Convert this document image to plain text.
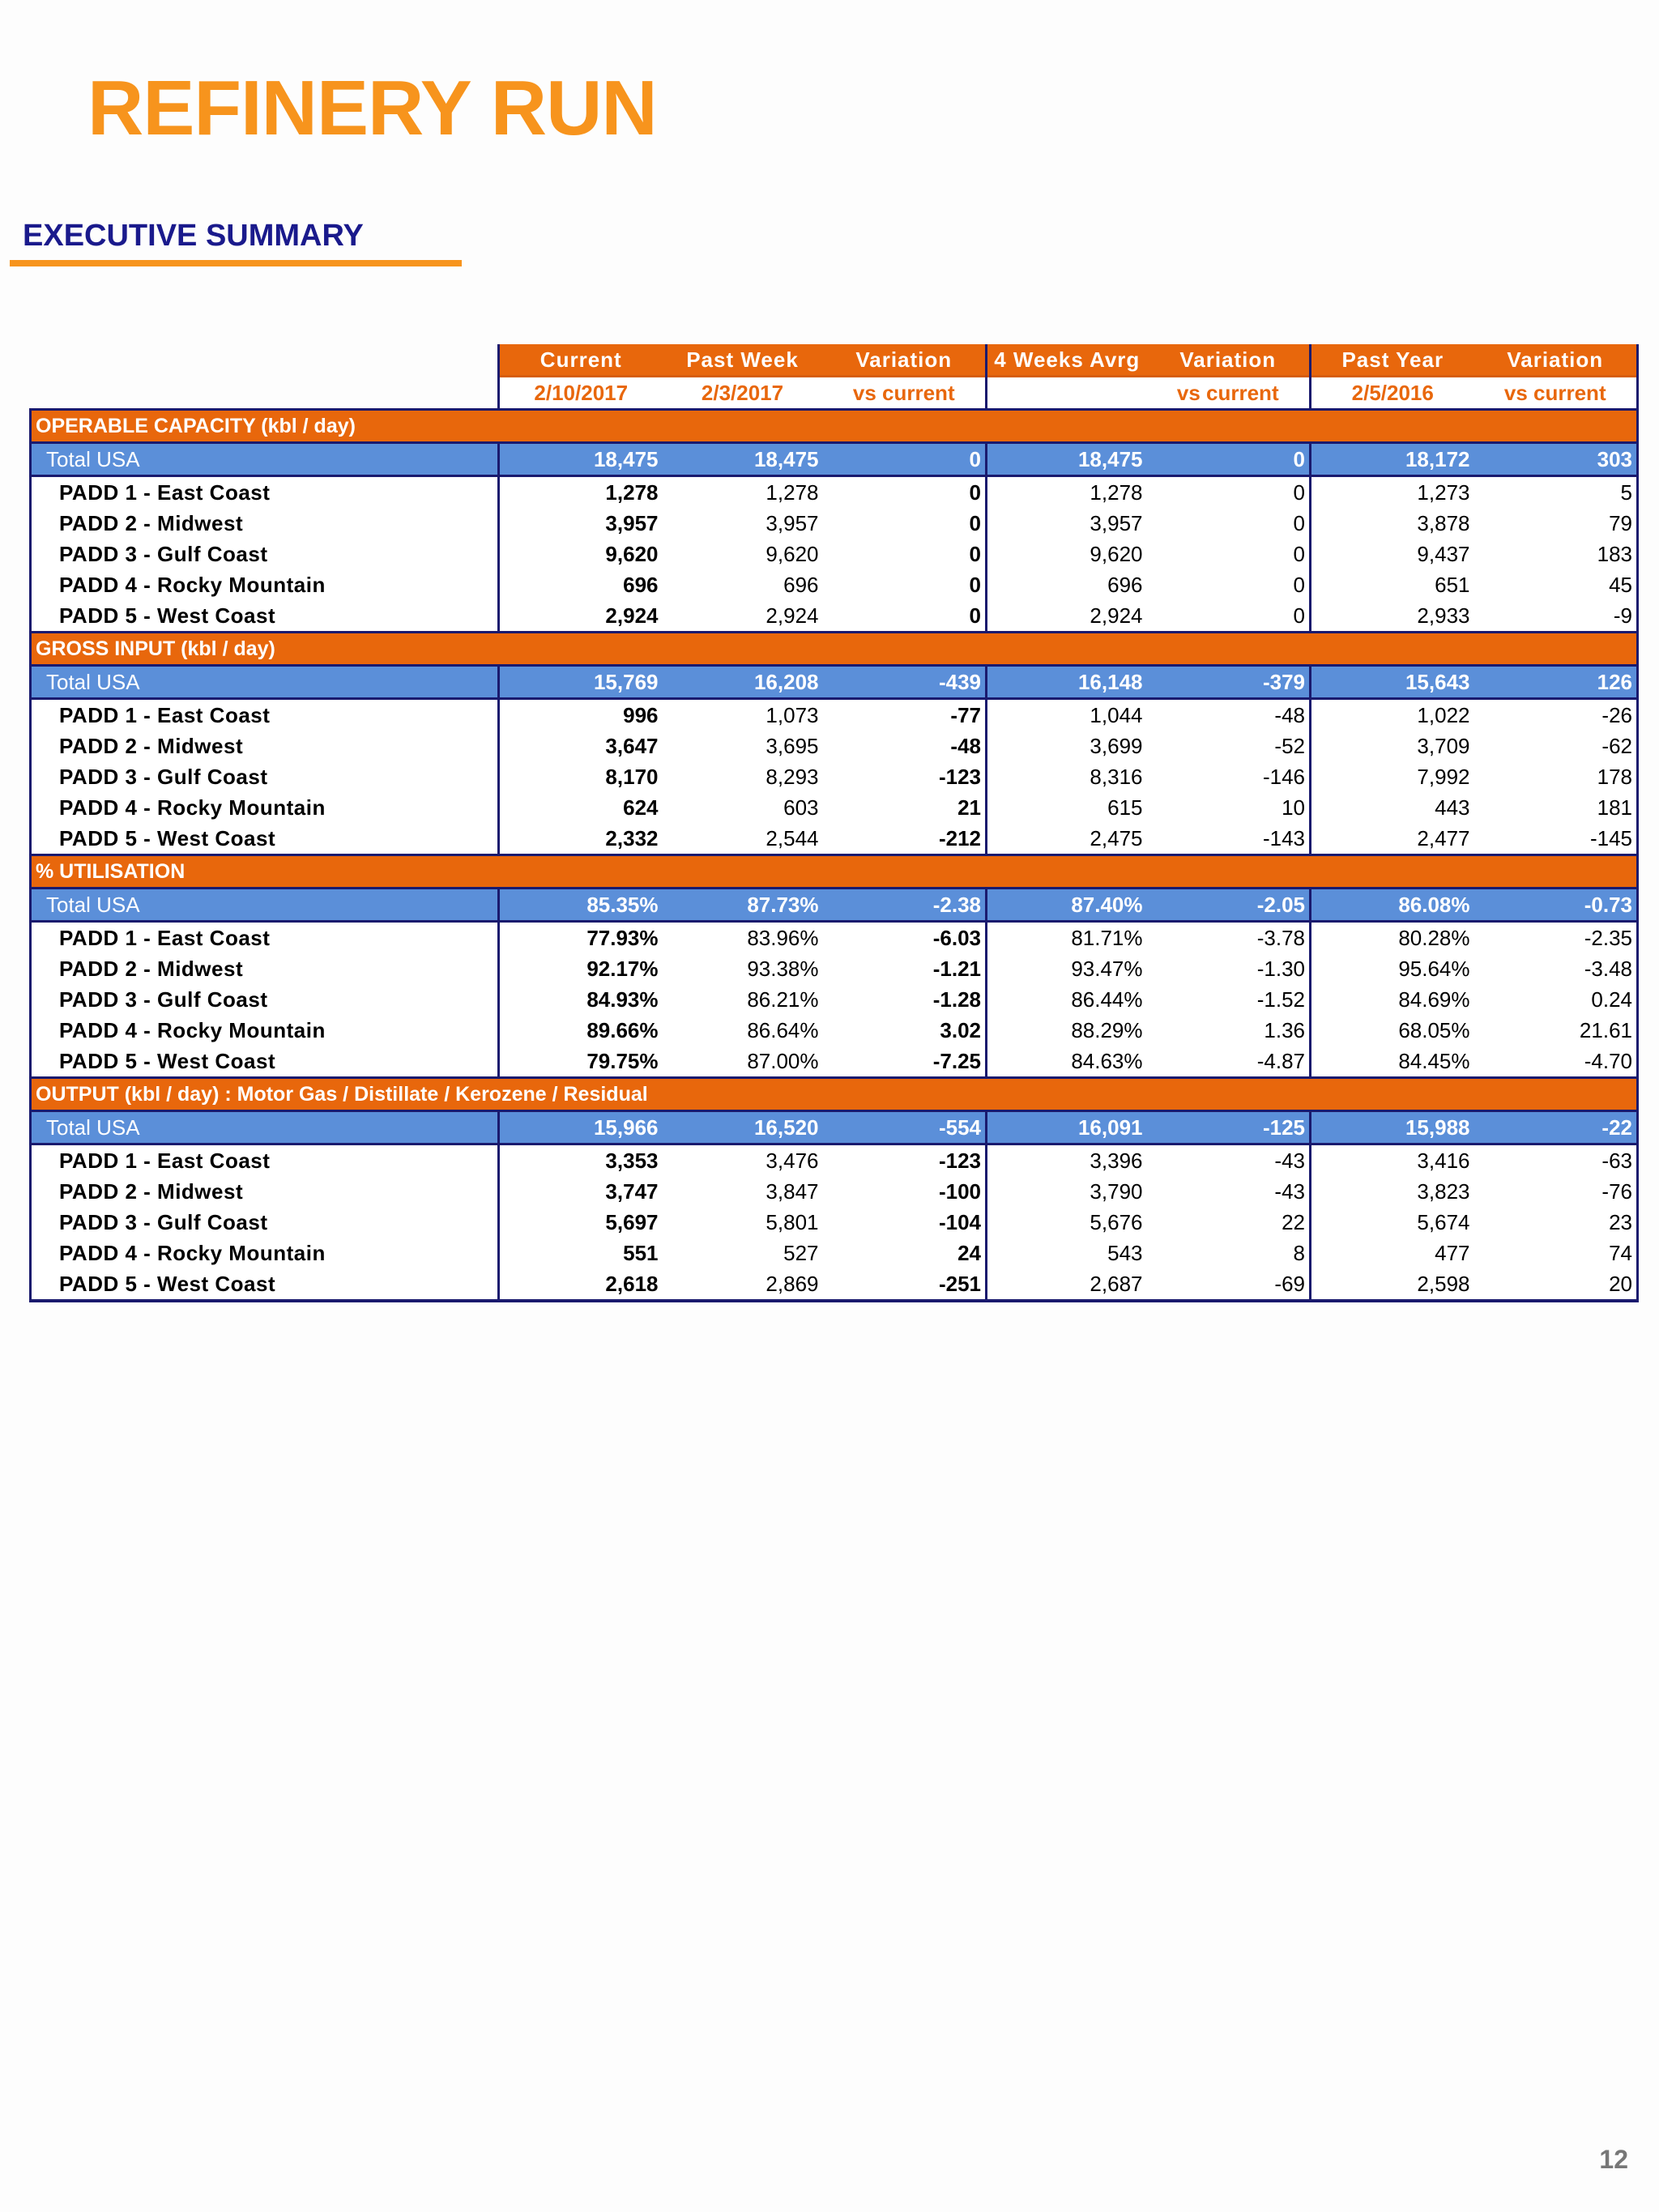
REFINERY RUN
EXECUTIVE SUMMARY
	Current	Past Week	Variation	4 Weeks Avrg	Variation	Past Year	Variation
	2/10/2017	2/3/2017	vs current		vs current	2/5/2016	vs current
OPERABLE CAPACITY (kbl / day)							
Total USA	18,475	18,475	0	18,475	0	18,172	303
PADD 1 - East Coast	1,278	1,278	0	1,278	0	1,273	5
PADD 2 - Midwest	3,957	3,957	0	3,957	0	3,878	79
PADD 3 - Gulf Coast	9,620	9,620	0	9,620	0	9,437	183
PADD 4 - Rocky Mountain	696	696	0	696	0	651	45
PADD 5 - West Coast	2,924	2,924	0	2,924	0	2,933	-9
GROSS INPUT (kbl / day)							
Total USA	15,769	16,208	-439	16,148	-379	15,643	126
PADD 1 - East Coast	996	1,073	-77	1,044	-48	1,022	-26
PADD 2 - Midwest	3,647	3,695	-48	3,699	-52	3,709	-62
PADD 3 - Gulf Coast	8,170	8,293	-123	8,316	-146	7,992	178
PADD 4 - Rocky Mountain	624	603	21	615	10	443	181
PADD 5 - West Coast	2,332	2,544	-212	2,475	-143	2,477	-145
% UTILISATION							
Total USA	85.35%	87.73%	-2.38	87.40%	-2.05	86.08%	-0.73
PADD 1 - East Coast	77.93%	83.96%	-6.03	81.71%	-3.78	80.28%	-2.35
PADD 2 - Midwest	92.17%	93.38%	-1.21	93.47%	-1.30	95.64%	-3.48
PADD 3 - Gulf Coast	84.93%	86.21%	-1.28	86.44%	-1.52	84.69%	0.24
PADD 4 - Rocky Mountain	89.66%	86.64%	3.02	88.29%	1.36	68.05%	21.61
PADD 5 - West Coast	79.75%	87.00%	-7.25	84.63%	-4.87	84.45%	-4.70
OUTPUT (kbl / day) : Motor Gas / Distillate / Kerozene / Residual							
Total USA	15,966	16,520	-554	16,091	-125	15,988	-22
PADD 1 - East Coast	3,353	3,476	-123	3,396	-43	3,416	-63
PADD 2 - Midwest	3,747	3,847	-100	3,790	-43	3,823	-76
PADD 3 - Gulf Coast	5,697	5,801	-104	5,676	22	5,674	23
PADD 4 - Rocky Mountain	551	527	24	543	8	477	74
PADD 5 - West Coast	2,618	2,869	-251	2,687	-69	2,598	20
12
